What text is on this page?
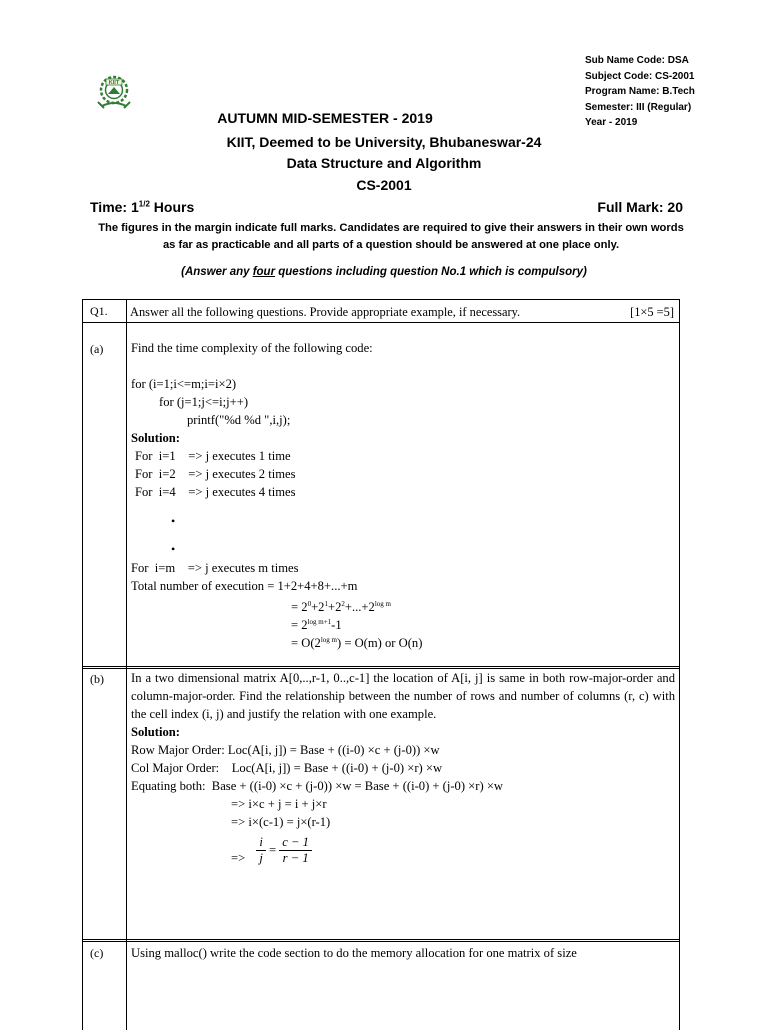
KIIT
Sub Name Code: DSA
Subject Code: CS-2001
Program Name: B.Tech
Semester: III (Regular)
Year - 2019
AUTUMN MID-SEMESTER - 2019
KIIT, Deemed to be University, Bhubaneswar-24
Data Structure and Algorithm
CS-2001
Time: $1^{1/2}$ Hours	Full Mark: 20
The figures in the margin indicate full marks. Candidates are required to give their answers in their own words as far as practicable and all parts of a question should be answered at one place only.
(Answer any four questions including question No.1 which is compulsory)
Q1. Answer all the following questions. Provide appropriate example, if necessary.	[1×5 =5]
(a) Find the time complexity of the following code:
for (i=1;i<=m;i=i×2)
for (j=1;j<=i;j++)
printf("%d %d ",i,j);
Solution:
For  i=1    => j executes 1 time
For  i=2    => j executes 2 times
For  i=4    => j executes 4 times
•
•
For  i=m    => j executes m times
Total number of execution = 1+2+4+8+...+m
= $2^0+2^1+2^2+...+2^{log m}$
= $2^{log m+1}-1$
= $O(2^{log m}) = O(m)$ or O(n)
(b) In a two dimensional matrix A[0,..,r-1, 0..,c-1] the location of A[i, j] is same in both row-major-order and column-major-order. Find the relationship between the number of rows and number of columns (r, c) with the cell index (i, j) and justify the relation with one example.
Solution:
Row Major Order: Loc(A[i, j]) = Base + ((i-0) ×c + (j-0)) ×w
Col Major Order:    Loc(A[i, j]) = Base + ((i-0) + (j-0) ×r) ×w
Equating both:  Base + ((i-0) ×c + (j-0)) ×w = Base + ((i-0) + (j-0) ×r) ×w
=> i×c + j = i + j×r
=> i×(c-1) = j×(r-1)
=> $\frac{i}{j} = \frac{c - 1}{r - 1}$
(c) Using malloc() write the code section to do the memory allocation for one matrix of size
